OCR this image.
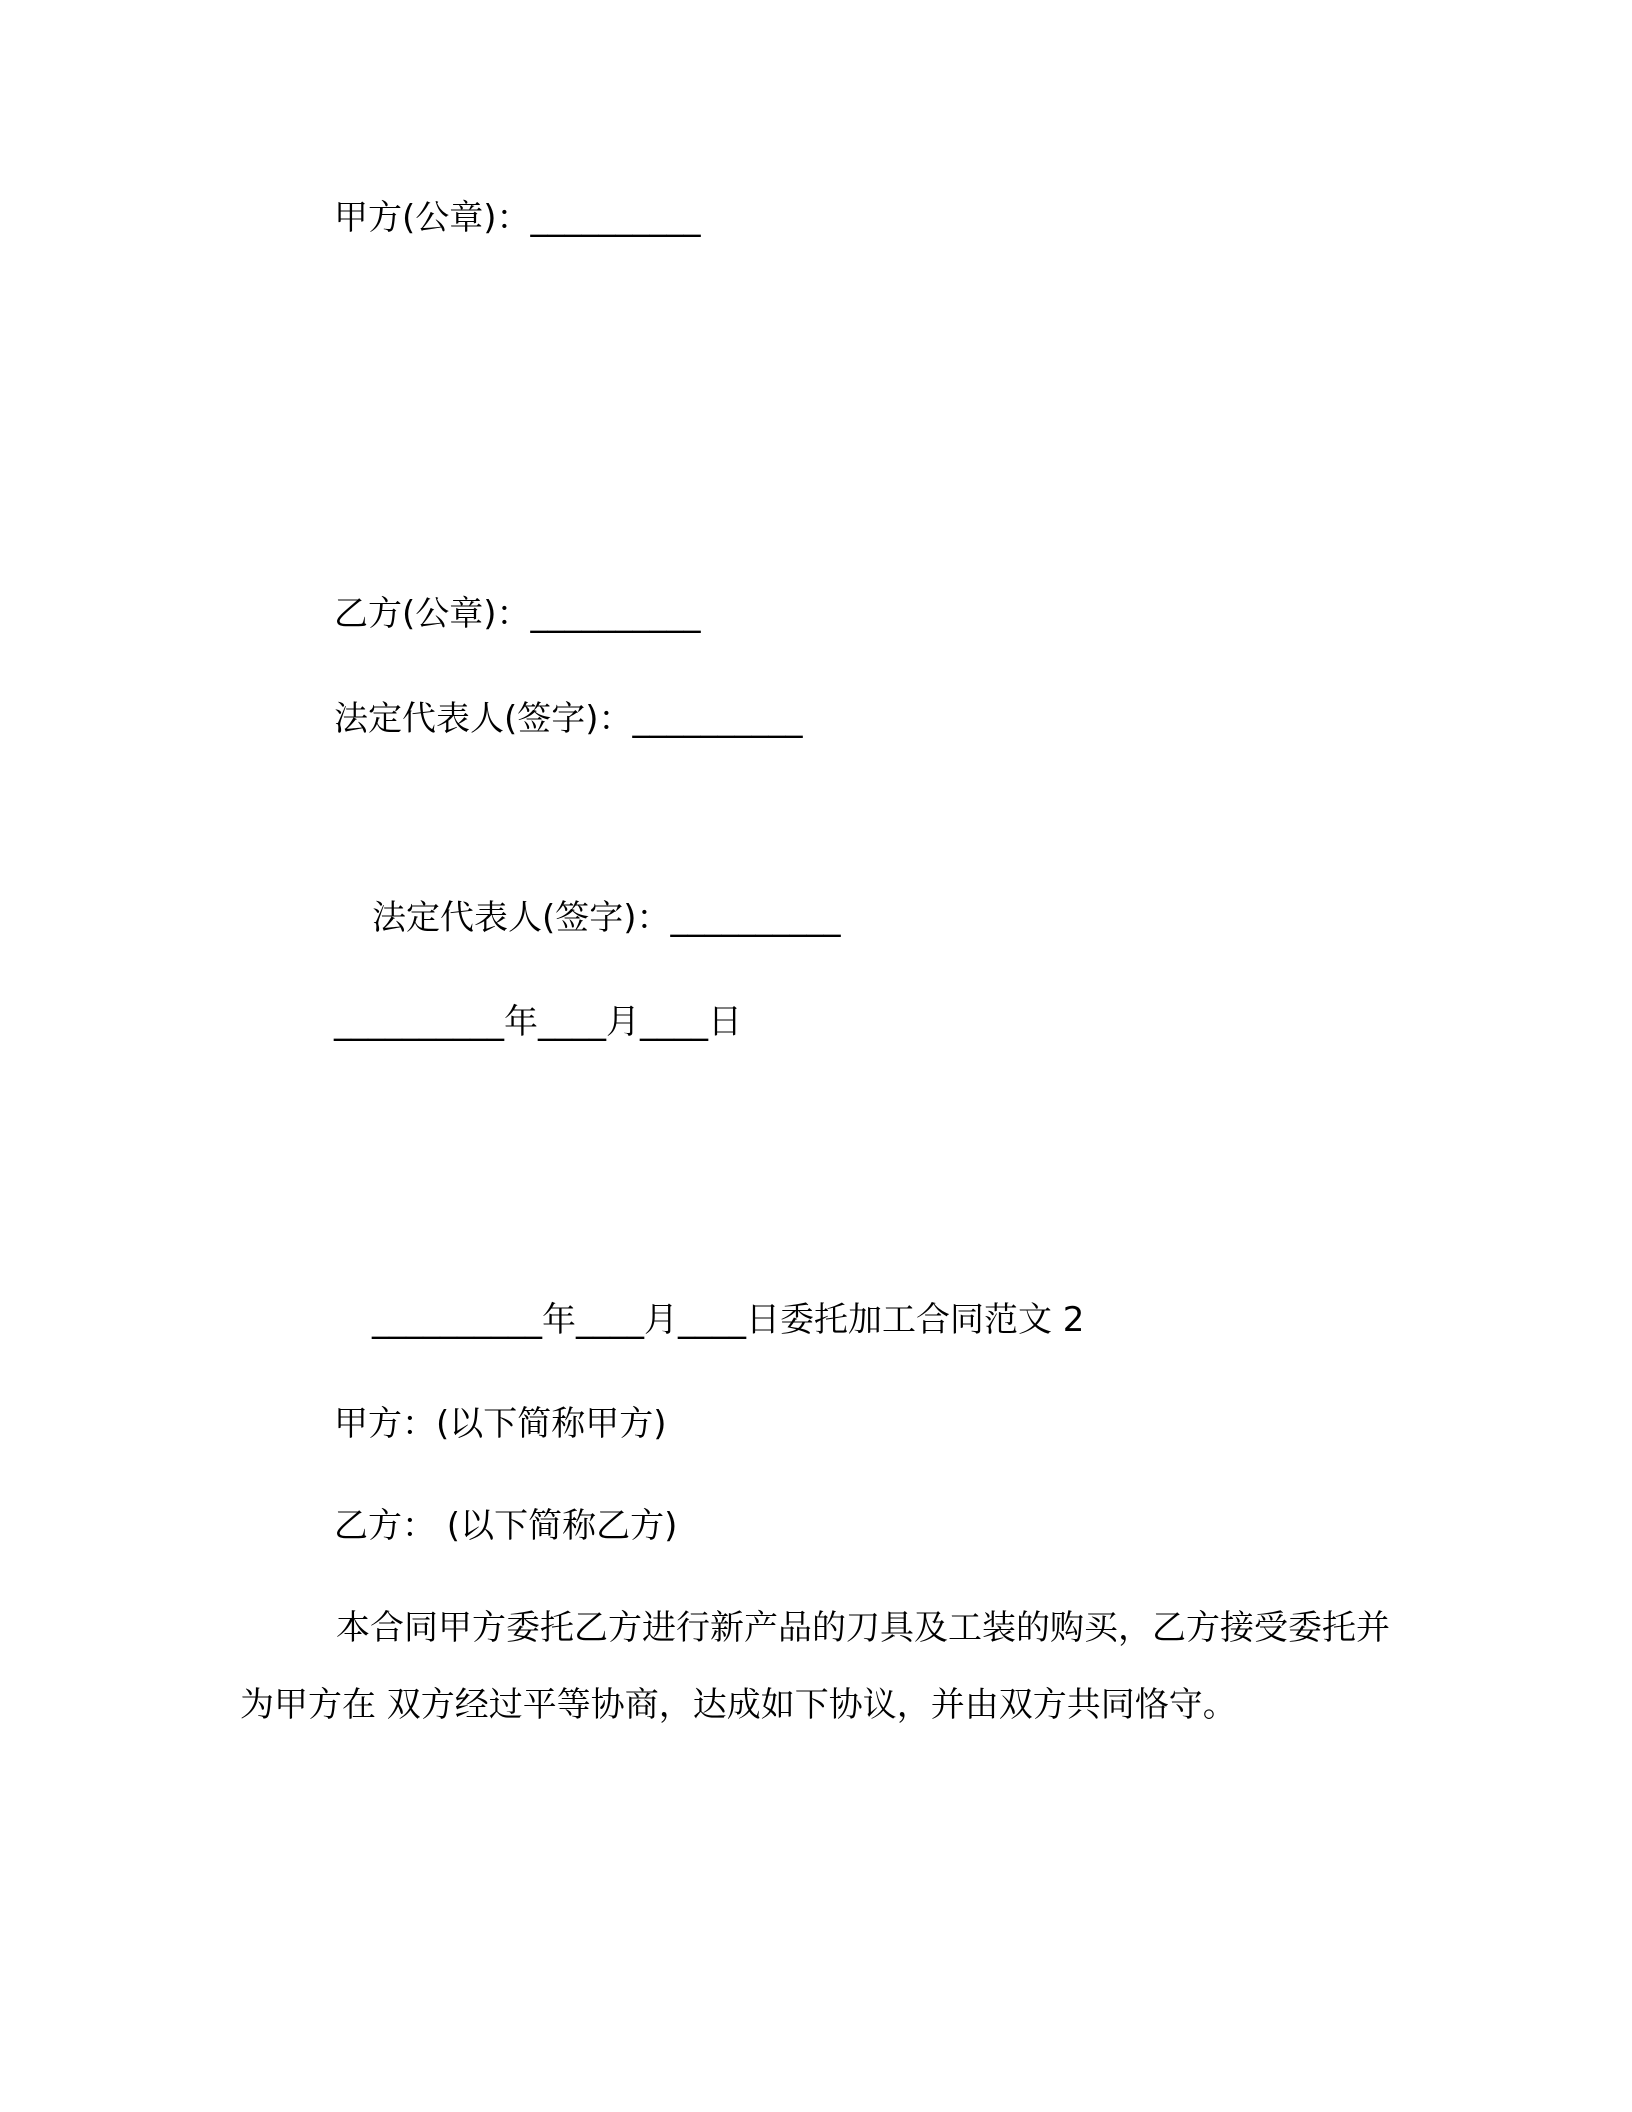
甲方(公章)：__________

乙方(公章)：__________

法定代表人(签字)：__________

法定代表人(签字)：__________

__________年____月____日

__________年____月____日委托加工合同范文 2

甲方：(以下简称甲方)

乙方： (以下简称乙方)

本合同甲方委托乙方进行新产品的刀具及工装的购买，乙方接受委托并为甲方在 双方经过平等协商，达成如下协议，并由双方共同恪守。
